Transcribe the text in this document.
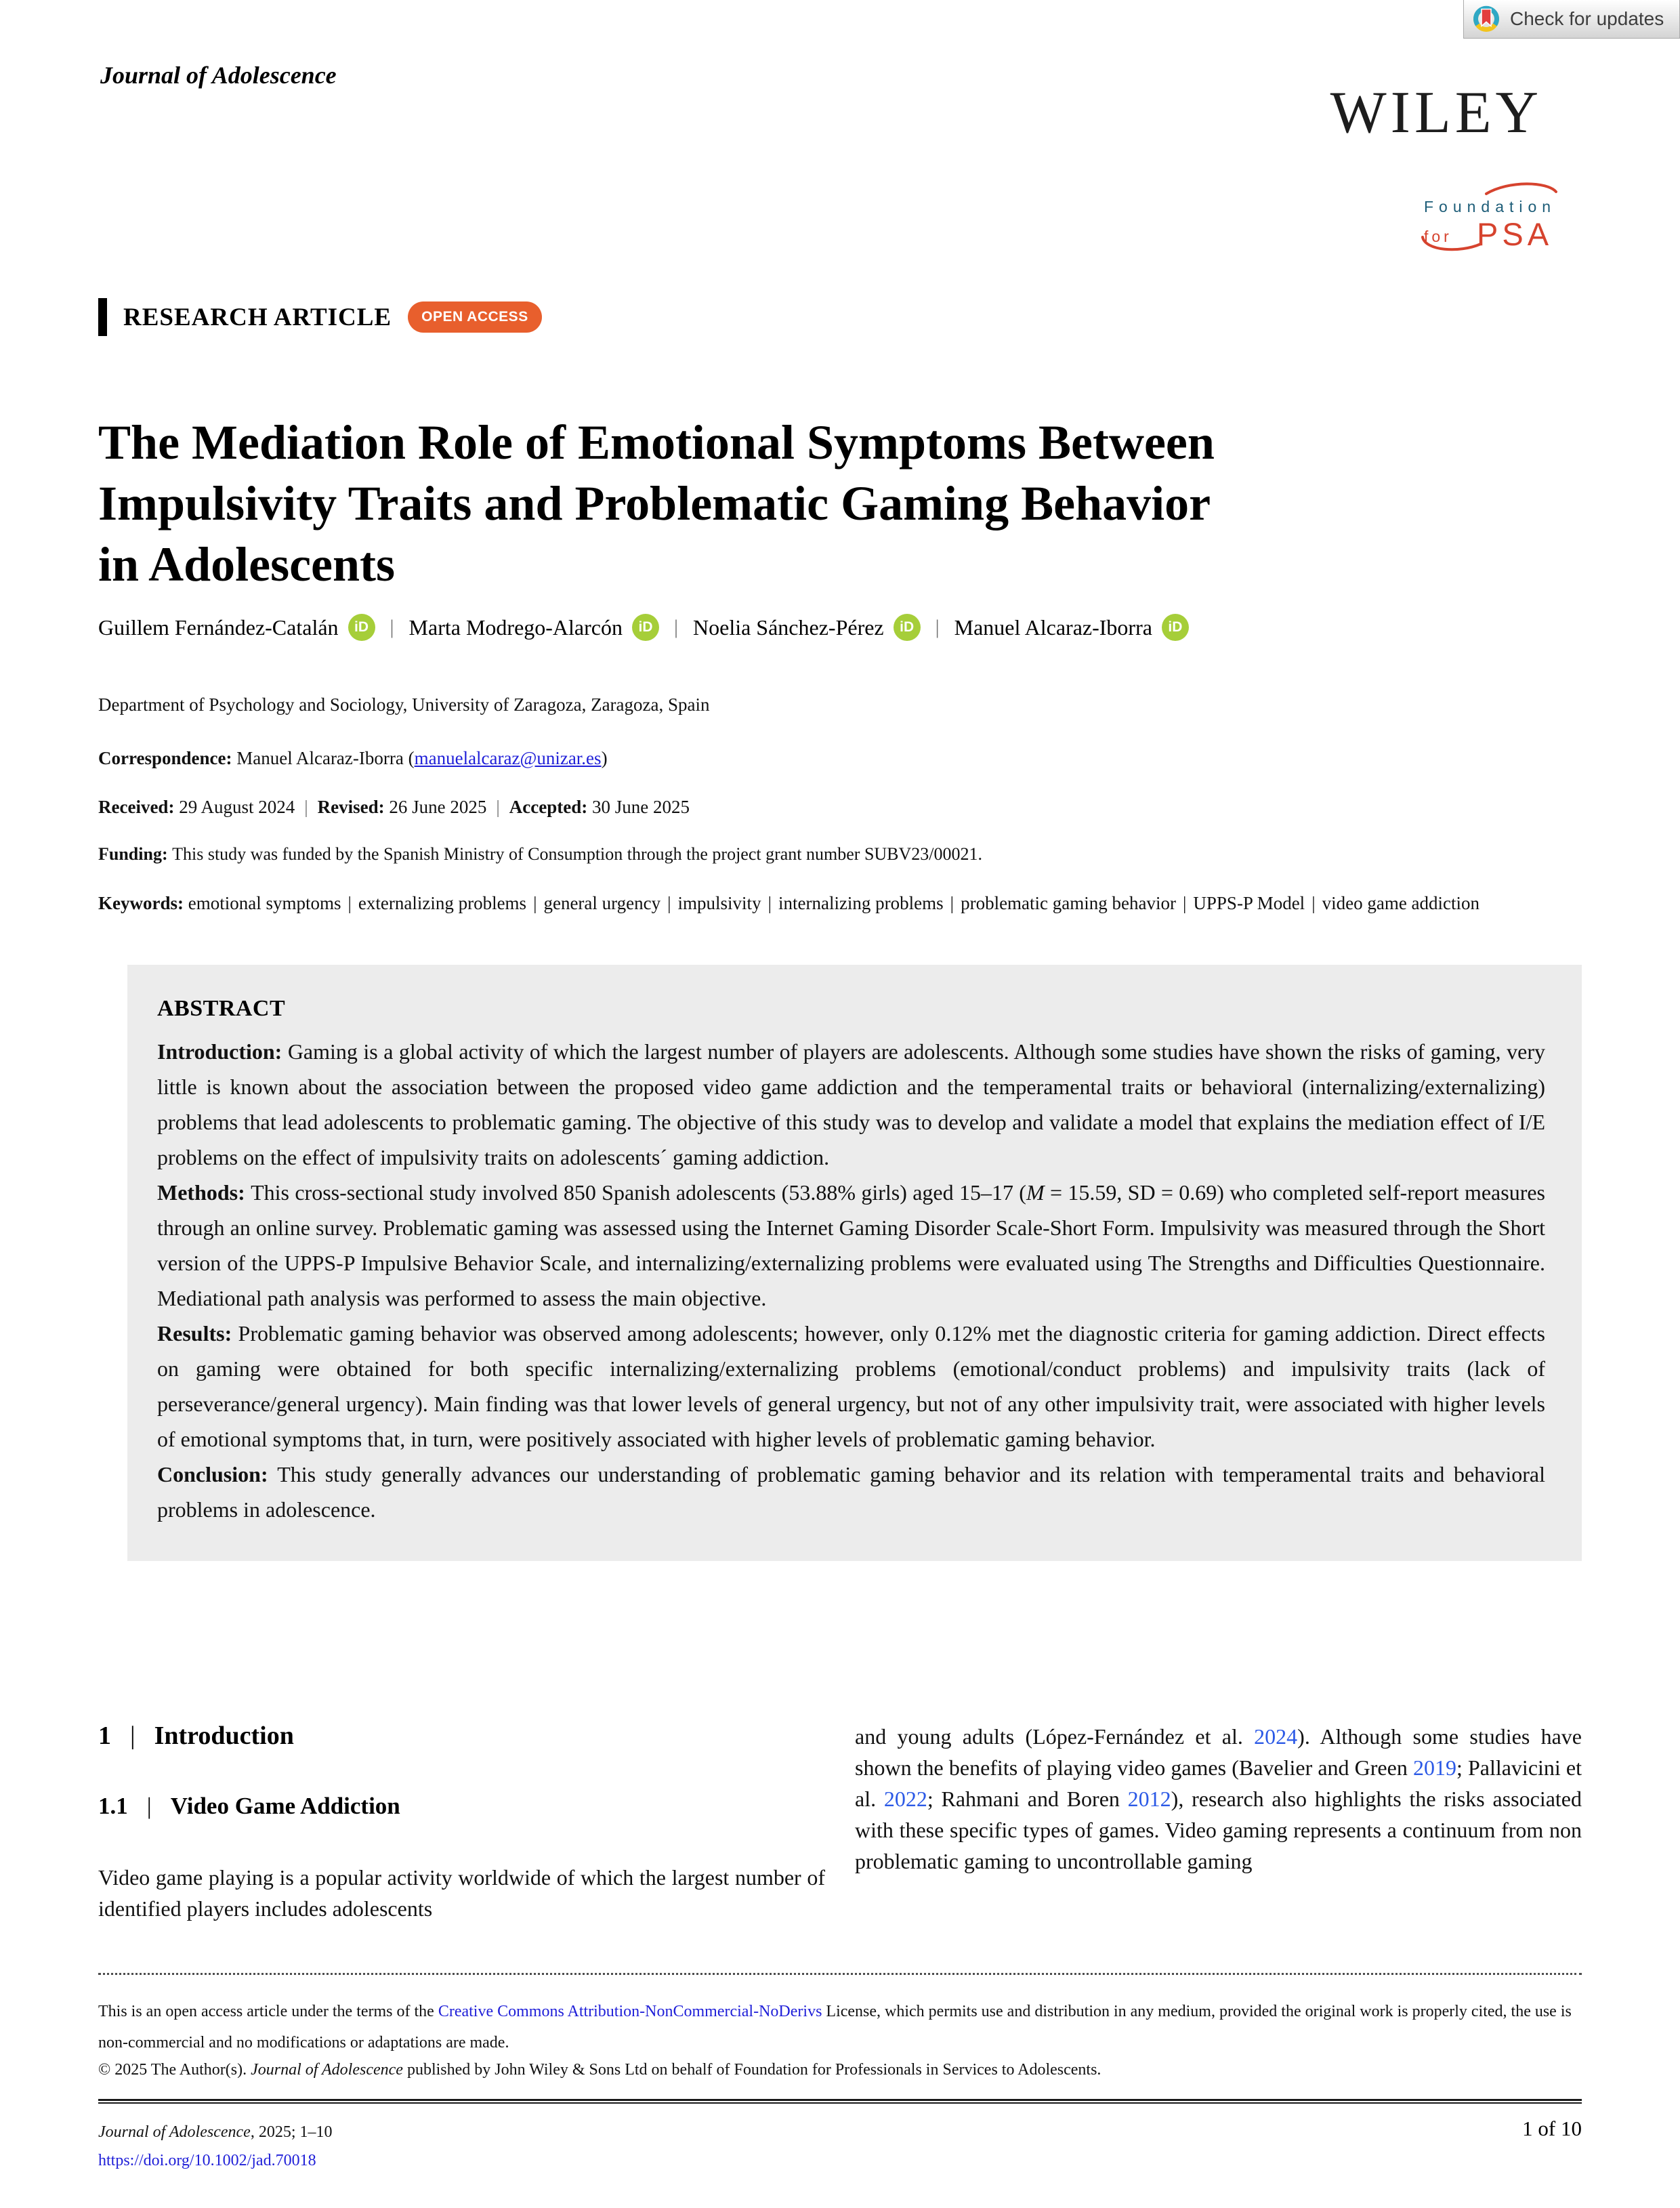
Check for updates
Journal of Adolescence
WILEY
Foundation
for PSA
RESEARCH ARTICLE	OPEN ACCESS
The Mediation Role of Emotional Symptoms Between
Impulsivity Traits and Problematic Gaming Behavior
in Adolescents
Guillem Fernández-Catalán	iD	| Marta Modrego-Alarcón	iD	| Noelia Sánchez-Pérez	iD	| Manuel Alcaraz-Iborra	iD
Department of Psychology and Sociology, University of Zaragoza, Zaragoza, Spain
Correspondence: Manuel Alcaraz-Iborra (manuelalcaraz@unizar.es)
Received: 29 August 2024 | Revised: 26 June 2025 | Accepted: 30 June 2025
Funding: This study was funded by the Spanish Ministry of Consumption through the project grant number SUBV23/00021.
Keywords: emotional symptoms | externalizing problems | general urgency | impulsivity | internalizing problems | problematic gaming behavior | UPPS-P Model | video game addiction
ABSTRACT

Introduction: Gaming is a global activity of which the largest number of players are adolescents. Although some studies have shown the risks of gaming, very little is known about the association between the proposed video game addiction and the temperamental traits or behavioral (internalizing/externalizing) problems that lead adolescents to problematic gaming. The objective of this study was to develop and validate a model that explains the mediation effect of I/E problems on the effect of impulsivity traits on adolescents´ gaming addiction.

Methods: This cross-sectional study involved 850 Spanish adolescents (53.88% girls) aged 15–17 (M = 15.59, SD = 0.69) who completed self-report measures through an online survey. Problematic gaming was assessed using the Internet Gaming Disorder Scale-Short Form. Impulsivity was measured through the Short version of the UPPS-P Impulsive Behavior Scale, and internalizing/externalizing problems were evaluated using The Strengths and Difficulties Questionnaire. Mediational path analysis was performed to assess the main objective.

Results: Problematic gaming behavior was observed among adolescents; however, only 0.12% met the diagnostic criteria for gaming addiction. Direct effects on gaming were obtained for both specific internalizing/externalizing problems (emotional/conduct problems) and impulsivity traits (lack of perseverance/general urgency). Main finding was that lower levels of general urgency, but not of any other impulsivity trait, were associated with higher levels of emotional symptoms that, in turn, were positively associated with higher levels of problematic gaming behavior.

Conclusion: This study generally advances our understanding of problematic gaming behavior and its relation with temperamental traits and behavioral problems in adolescence.

1 | Introduction
1.1 | Video Game Addiction

Video game playing is a popular activity worldwide of which the largest number of identified players includes adolescents

and young adults (López-Fernández et al. 2024). Although some studies have shown the benefits of playing video games (Bavelier and Green 2019; Pallavicini et al. 2022; Rahmani and Boren 2012), research also highlights the risks associated with these specific types of games. Video gaming represents a continuum from non problematic gaming to uncontrollable gaming

This is an open access article under the terms of the Creative Commons Attribution-NonCommercial-NoDerivs License, which permits use and distribution in any medium, provided the original work is properly cited, the use is non-commercial and no modifications or adaptations are made.
© 2025 The Author(s). Journal of Adolescence published by John Wiley & Sons Ltd on behalf of Foundation for Professionals in Services to Adolescents.
Journal of Adolescence, 2025; 1–10
https://doi.org/10.1002/jad.70018
1 of 10
